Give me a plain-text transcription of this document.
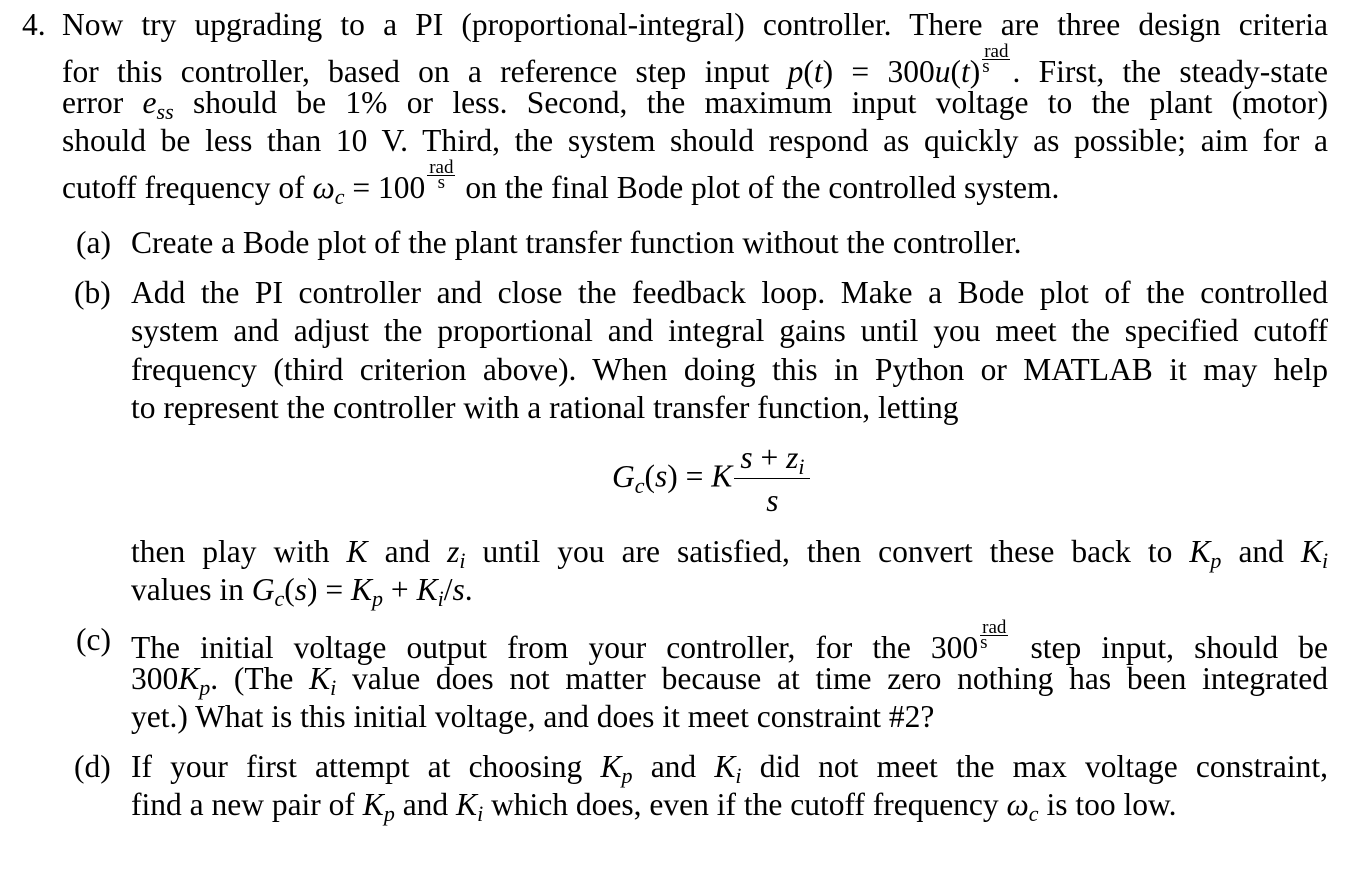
4. Now try upgrading to a PI (proportional-integral) controller. There are three design criteria
for this controller, based on a reference step input $p(t) = 300u(t) \frac{\text{rad}}{s}$ . First, the steady-state
error $e_{ss}$ should be 1% or less. Second, the maximum input voltage to the plant (motor)
should be less than 10 V. Third, the system should respond as quickly as possible; aim for a
cutoff frequency of $\omega_c = 100 \frac{\text{rad}}{s}$ on the final Bode plot of the controlled system.
(a) Create a Bode plot of the plant transfer function without the controller.
(b) Add the PI controller and close the feedback loop. Make a Bode plot of the controlled
system and adjust the proportional and integral gains until you meet the specified cutoff
frequency (third criterion above). When doing this in Python or MATLAB it may help
to represent the controller with a rational transfer function, letting
$G_c(s) = K \frac{s + z_i}{s}$
then play with K and $z_i$ until you are satisfied, then convert these back to $K_p$ and $K_i$
values in $G_c(s) = K_p + K_i/s$.
(c) The initial voltage output from your controller, for the $300 \frac{\text{rad}}{s}$ step input, should be
$300K_p$. (The $K_i$ value does not matter because at time zero nothing has been integrated
yet.) What is this initial voltage, and does it meet constraint #2?
(d) If your first attempt at choosing $K_p$ and $K_i$ did not meet the max voltage constraint,
find a new pair of $K_p$ and $K_i$ which does, even if the cutoff frequency $\omega_c$ is too low.
